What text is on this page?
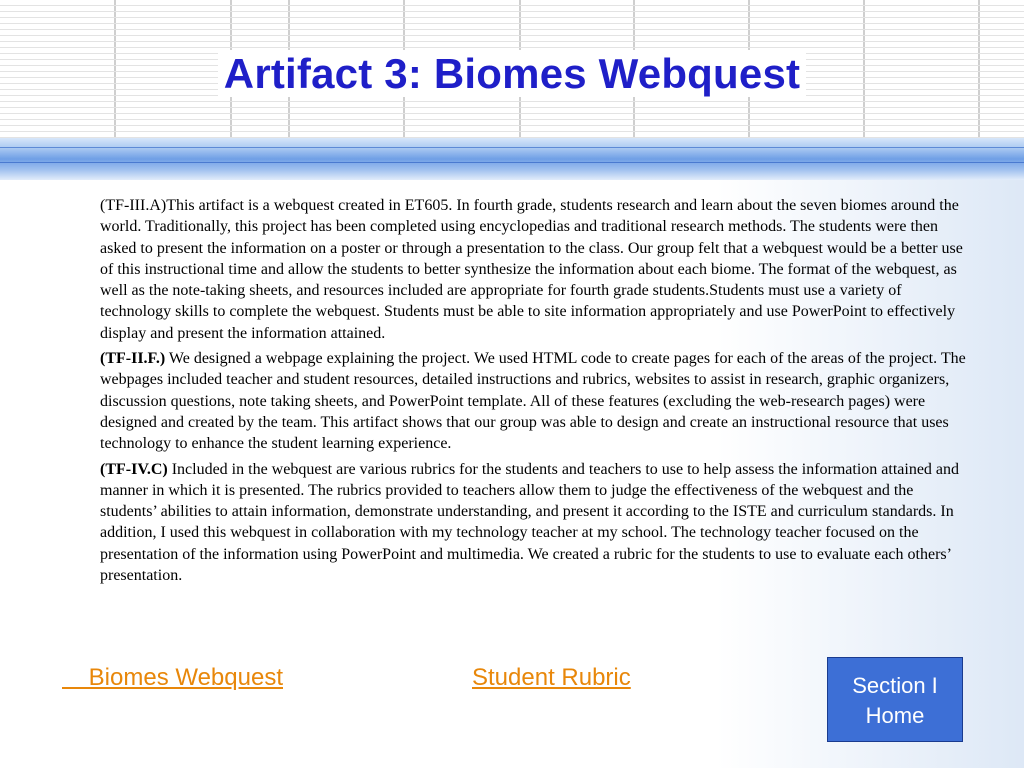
Artifact 3: Biomes Webquest

(TF-III.A)This artifact is a webquest created in ET605. In fourth grade, students research and learn about the seven biomes around the world. Traditionally, this project has been completed using encyclopedias and traditional research methods. The students were then asked to present the information on a poster or through a presentation to the class. Our group felt that a webquest would be a better use of this instructional time and allow the students to better synthesize the information about each biome. The format of the webquest, as well as the note-taking sheets, and resources included are appropriate for fourth grade students.Students must use a variety of technology skills to complete the webquest. Students must be able to site information appropriately and use PowerPoint to effectively display and present the information attained.

(TF-II.F.) We designed a webpage explaining the project. We used HTML code to create pages for each of the areas of the project. The webpages included teacher and student resources, detailed instructions and rubrics, websites to assist in research, graphic organizers, discussion questions, note taking sheets, and PowerPoint template. All of these features (excluding the web-research pages) were designed and created by the team. This artifact shows that our group was able to design and create an instructional resource that uses technology to enhance the student learning experience.

(TF-IV.C) Included in the webquest are various rubrics for the students and teachers to use to help assess the information attained and manner in which it is presented. The rubrics provided to teachers allow them to judge the effectiveness of the webquest and the students’ abilities to attain information, demonstrate understanding, and present it according to the ISTE and curriculum standards. In addition, I used this webquest in collaboration with my technology teacher at my school. The technology teacher focused on the presentation of the information using PowerPoint and multimedia. We created a rubric for the students to use to evaluate each others’ presentation.

Biomes Webquest	Student Rubric	Section I
Home
